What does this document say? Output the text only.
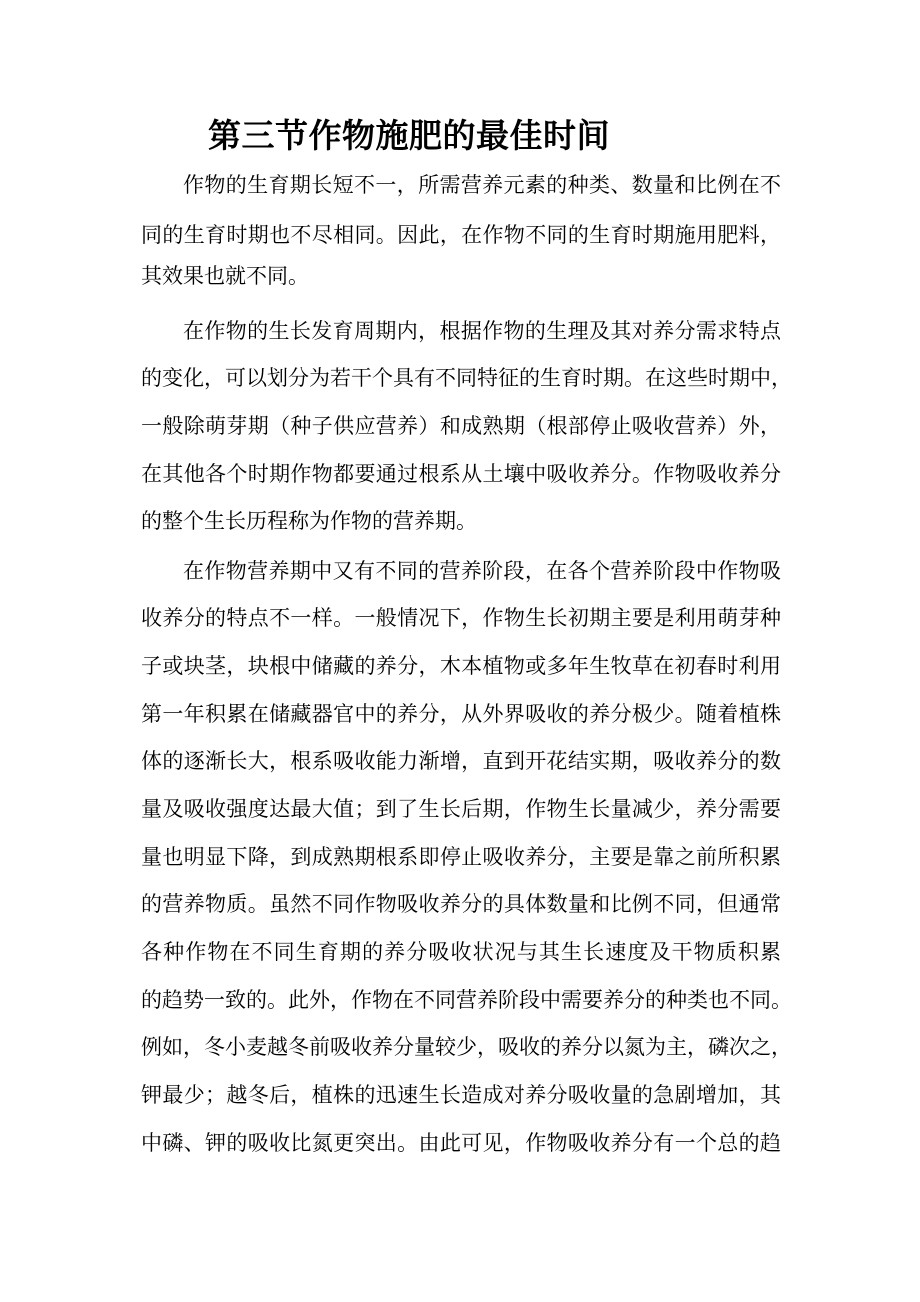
第三节作物施肥的最佳时间

作物的生育期长短不一，所需营养元素的种类、数量和比例在不

同的生育时期也不尽相同。因此，在作物不同的生育时期施用肥料，

其效果也就不同。

在作物的生长发育周期内，根据作物的生理及其对养分需求特点

的变化，可以划分为若干个具有不同特征的生育时期。在这些时期中，

一般除萌芽期（种子供应营养）和成熟期（根部停止吸收营养）外，

在其他各个时期作物都要通过根系从土壤中吸收养分。作物吸收养分

的整个生长历程称为作物的营养期。

在作物营养期中又有不同的营养阶段，在各个营养阶段中作物吸

收养分的特点不一样。一般情况下，作物生长初期主要是利用萌芽种

子或块茎，块根中储藏的养分，木本植物或多年生牧草在初春时利用

第一年积累在储藏器官中的养分，从外界吸收的养分极少。随着植株

体的逐渐长大，根系吸收能力渐增，直到开花结实期，吸收养分的数

量及吸收强度达最大值；到了生长后期，作物生长量减少，养分需要

量也明显下降，到成熟期根系即停止吸收养分，主要是靠之前所积累

的营养物质。虽然不同作物吸收养分的具体数量和比例不同，但通常

各种作物在不同生育期的养分吸收状况与其生长速度及干物质积累

的趋势一致的。此外，作物在不同营养阶段中需要养分的种类也不同。

例如，冬小麦越冬前吸收养分量较少，吸收的养分以氮为主，磷次之，

钾最少；越冬后，植株的迅速生长造成对养分吸收量的急剧增加，其

中磷、钾的吸收比氮更突出。由此可见，作物吸收养分有一个总的趋
